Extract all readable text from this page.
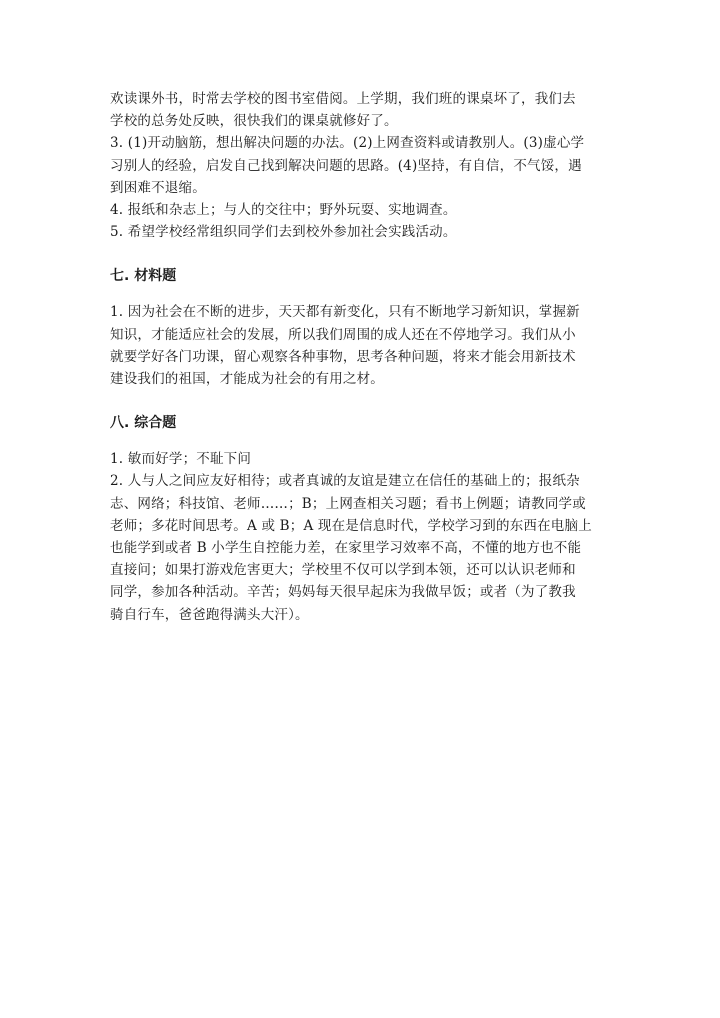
欢读课外书，时常去学校的图书室借阅。上学期，我们班的课桌坏了，我们去

学校的总务处反映，很快我们的课桌就修好了。

3. (1)开动脑筋，想出解决问题的办法。(2)上网查资料或请教别人。(3)虚心学

习别人的经验，启发自己找到解决问题的思路。(4)坚持，有自信，不气馁，遇

到困难不退缩。

4. 报纸和杂志上；与人的交往中；野外玩耍、实地调查。

5. 希望学校经常组织同学们去到校外参加社会实践活动。

七. 材料题

1. 因为社会在不断的进步，天天都有新变化，只有不断地学习新知识，掌握新

知识，才能适应社会的发展，所以我们周围的成人还在不停地学习。我们从小

就要学好各门功课，留心观察各种事物，思考各种问题，将来才能会用新技术

建设我们的祖国，才能成为社会的有用之材。

八. 综合题

1. 敏而好学；不耻下问

2. 人与人之间应友好相待；或者真诚的友谊是建立在信任的基础上的；报纸杂

志、网络；科技馆、老师……；B；上网查相关习题；看书上例题；请教同学或

老师；多花时间思考。A 或 B；A 现在是信息时代，学校学习到的东西在电脑上

也能学到或者 B 小学生自控能力差，在家里学习效率不高，不懂的地方也不能

直接问；如果打游戏危害更大；学校里不仅可以学到本领，还可以认识老师和

同学，参加各种活动。辛苦；妈妈每天很早起床为我做早饭；或者（为了教我

骑自行车，爸爸跑得满头大汗）。
